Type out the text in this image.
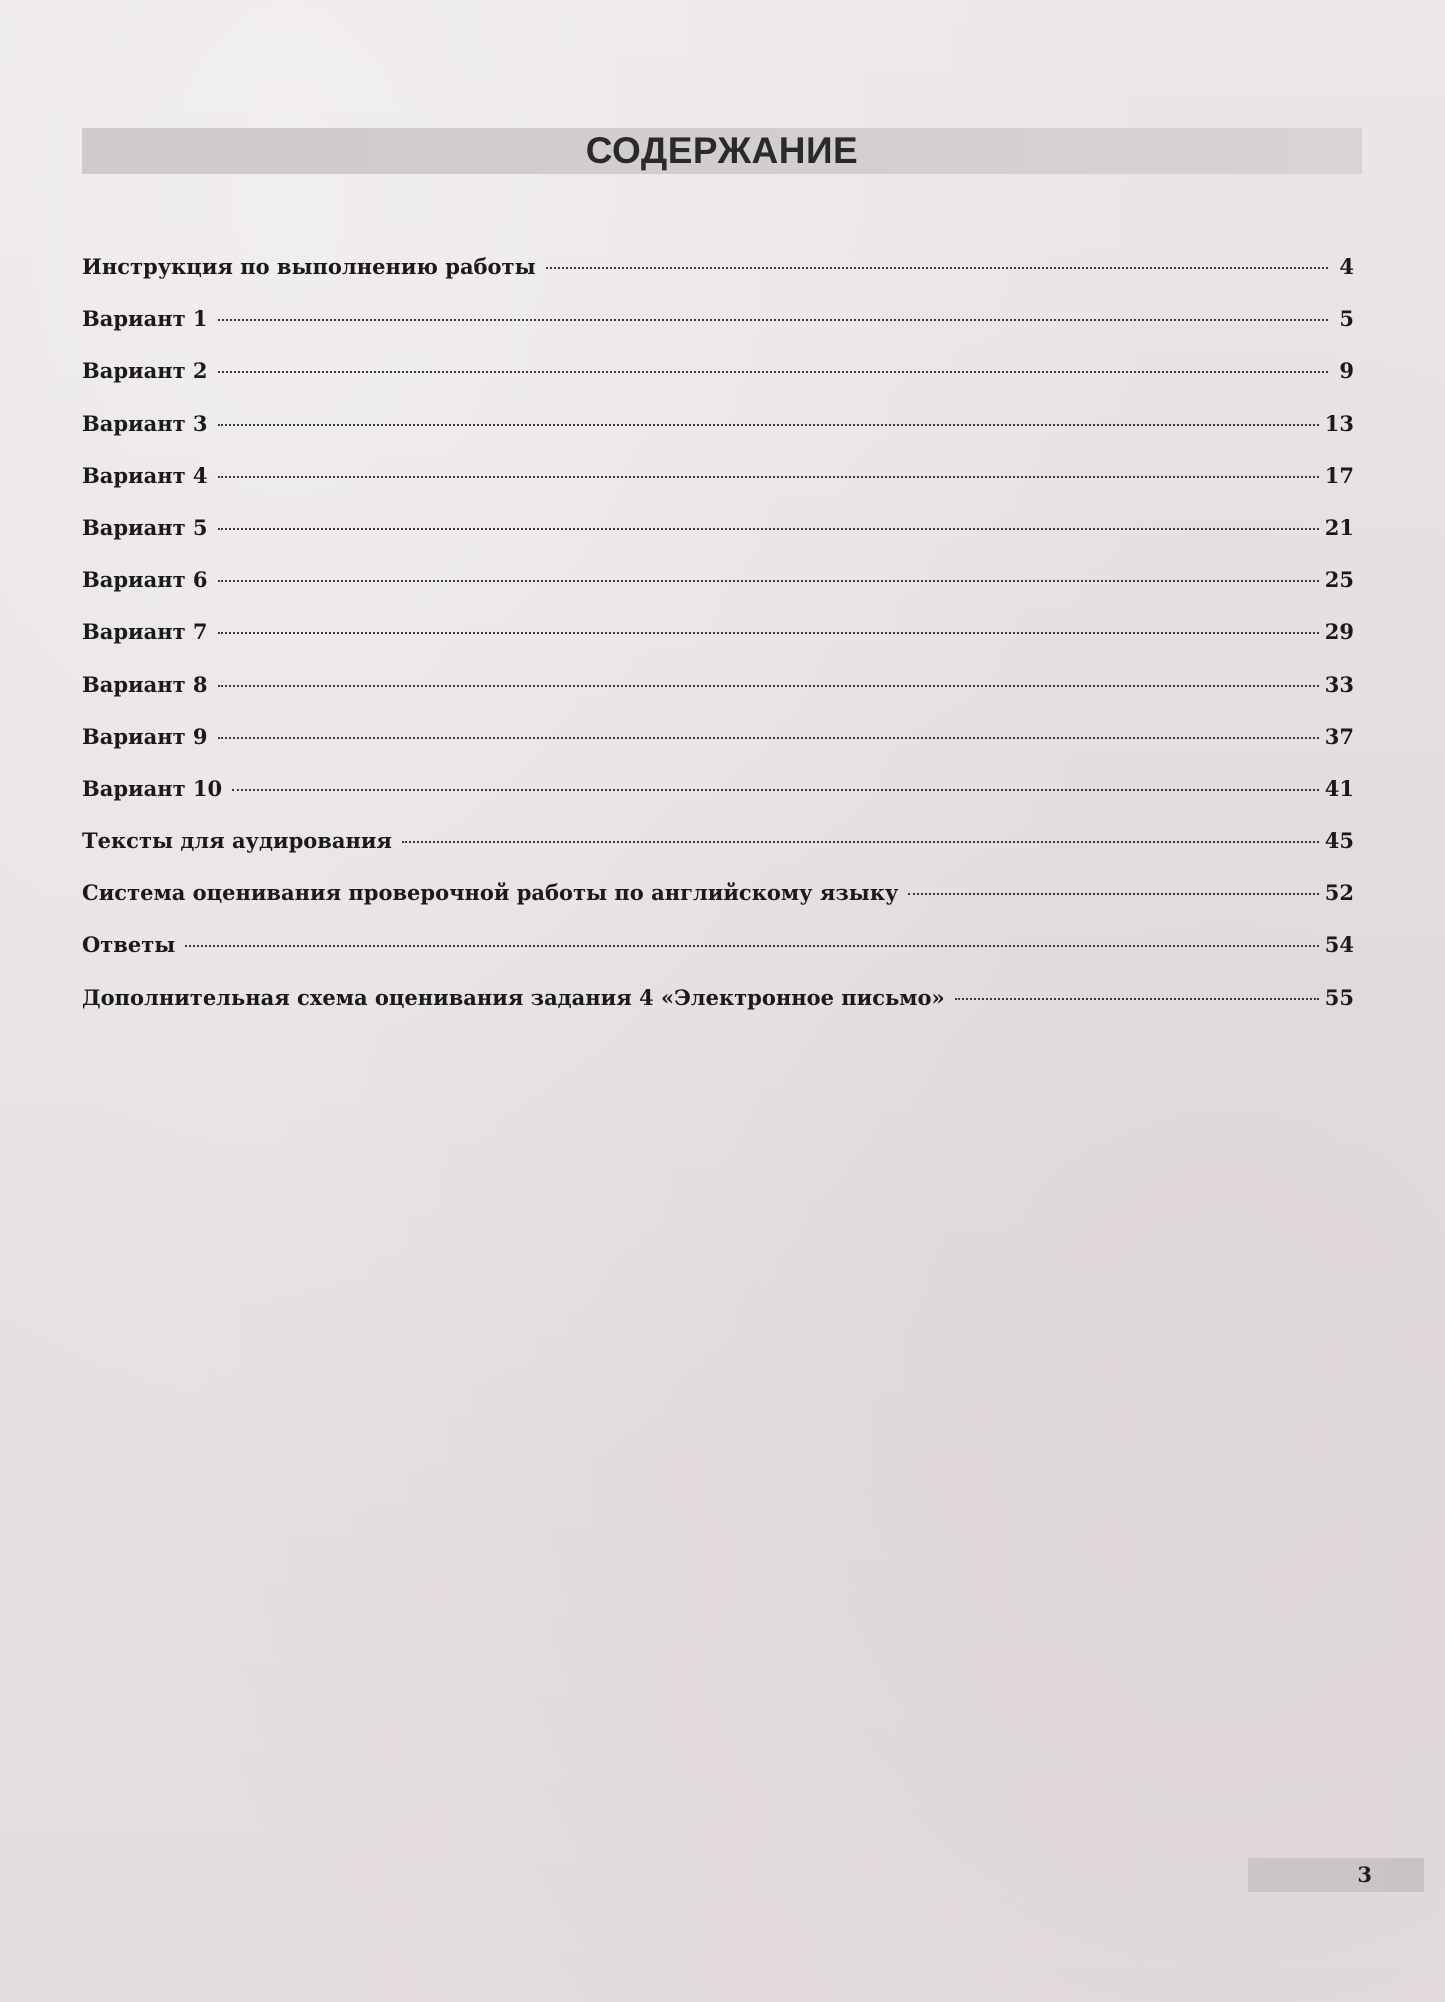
СОДЕРЖАНИЕ
Инструкция по выполнению работы	4
Вариант 1	5
Вариант 2	9
Вариант 3	13
Вариант 4	17
Вариант 5	21
Вариант 6	25
Вариант 7	29
Вариант 8	33
Вариант 9	37
Вариант 10	41
Тексты для аудирования	45
Система оценивания проверочной работы по английскому языку	52
Ответы	54
Дополнительная схема оценивания задания 4 «Электронное письмо»	55
3
